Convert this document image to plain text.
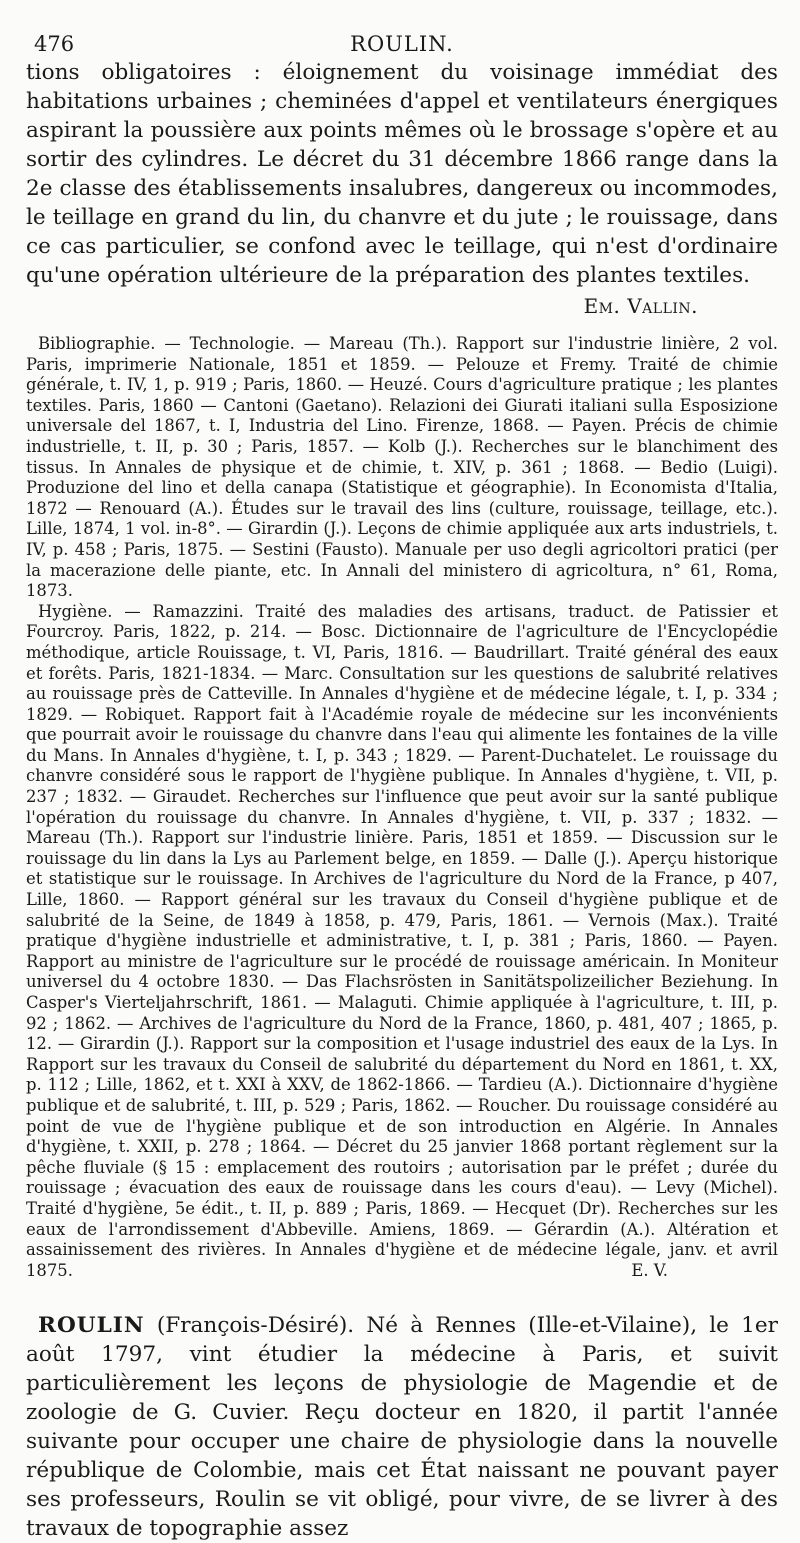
476	ROULIN.

tions obligatoires : éloignement du voisinage immédiat des habitations urbaines ; cheminées d'appel et ventilateurs énergiques aspirant la poussière aux points mêmes où le brossage s'opère et au sortir des cylindres. Le décret du 31 décembre 1866 range dans la 2e classe des établissements insalubres, dangereux ou incommodes, le teillage en grand du lin, du chanvre et du jute ; le rouissage, dans ce cas particulier, se confond avec le teillage, qui n'est d'ordinaire qu'une opération ultérieure de la préparation des plantes textiles.

Em. Vallin.

Bibliographie. — Technologie. — Mareau (Th.). Rapport sur l'industrie linière, 2 vol. Paris, imprimerie Nationale, 1851 et 1859. — Pelouze et Fremy. Traité de chimie générale, t. IV, 1, p. 919 ; Paris, 1860. — Heuzé. Cours d'agriculture pratique ; les plantes textiles. Paris, 1860 — Cantoni (Gaetano). Relazioni dei Giurati italiani sulla Esposizione universale del 1867, t. I, Industria del Lino. Firenze, 1868. — Payen. Précis de chimie industrielle, t. II, p. 30 ; Paris, 1857. — Kolb (J.). Recherches sur le blanchiment des tissus. In Annales de physique et de chimie, t. XIV, p. 361 ; 1868. — Bedio (Luigi). Produzione del lino et della canapa (Statistique et géographie). In Economista d'Italia, 1872 — Renouard (A.). Études sur le travail des lins (culture, rouissage, teillage, etc.). Lille, 1874, 1 vol. in-8°. — Girardin (J.). Leçons de chimie appliquée aux arts industriels, t. IV, p. 458 ; Paris, 1875. — Sestini (Fausto). Manuale per uso degli agricoltori pratici (per la macerazione delle piante, etc. In Annali del ministero di agricoltura, n° 61, Roma, 1873.

Hygiène. — Ramazzini. Traité des maladies des artisans, traduct. de Patissier et Fourcroy. Paris, 1822, p. 214. — Bosc. Dictionnaire de l'agriculture de l'Encyclopédie méthodique, article Rouissage, t. VI, Paris, 1816. — Baudrillart. Traité général des eaux et forêts. Paris, 1821-1834. — Marc. Consultation sur les questions de salubrité relatives au rouissage près de Catteville. In Annales d'hygiène et de médecine légale, t. I, p. 334 ; 1829. — Robiquet. Rapport fait à l'Académie royale de médecine sur les inconvénients que pourrait avoir le rouissage du chanvre dans l'eau qui alimente les fontaines de la ville du Mans. In Annales d'hygiène, t. I, p. 343 ; 1829. — Parent-Duchatelet. Le rouissage du chanvre considéré sous le rapport de l'hygiène publique. In Annales d'hygiène, t. VII, p. 237 ; 1832. — Giraudet. Recherches sur l'influence que peut avoir sur la santé publique l'opération du rouissage du chanvre. In Annales d'hygiène, t. VII, p. 337 ; 1832. — Mareau (Th.). Rapport sur l'industrie linière. Paris, 1851 et 1859. — Discussion sur le rouissage du lin dans la Lys au Parlement belge, en 1859. — Dalle (J.). Aperçu historique et statistique sur le rouissage. In Archives de l'agriculture du Nord de la France, p 407, Lille, 1860. — Rapport général sur les travaux du Conseil d'hygiène publique et de salubrité de la Seine, de 1849 à 1858, p. 479, Paris, 1861. — Vernois (Max.). Traité pratique d'hygiène industrielle et administrative, t. I, p. 381 ; Paris, 1860. — Payen. Rapport au ministre de l'agriculture sur le procédé de rouissage américain. In Moniteur universel du 4 octobre 1830. — Das Flachsrösten in Sanitätspolizeilicher Beziehung. In Casper's Vierteljahrschrift, 1861. — Malaguti. Chimie appliquée à l'agriculture, t. III, p. 92 ; 1862. — Archives de l'agriculture du Nord de la France, 1860, p. 481, 407 ; 1865, p. 12. — Girardin (J.). Rapport sur la composition et l'usage industriel des eaux de la Lys. In Rapport sur les travaux du Conseil de salubrité du département du Nord en 1861, t. XX, p. 112 ; Lille, 1862, et t. XXI à XXV, de 1862-1866. — Tardieu (A.). Dictionnaire d'hygiène publique et de salubrité, t. III, p. 529 ; Paris, 1862. — Roucher. Du rouissage considéré au point de vue de l'hygiène publique et de son introduction en Algérie. In Annales d'hygiène, t. XXII, p. 278 ; 1864. — Décret du 25 janvier 1868 portant règlement sur la pêche fluviale (§ 15 : emplacement des routoirs ; autorisation par le préfet ; durée du rouissage ; évacuation des eaux de rouissage dans les cours d'eau). — Levy (Michel). Traité d'hygiène, 5e édit., t. II, p. 889 ; Paris, 1869. — Hecquet (Dr). Recherches sur les eaux de l'arrondissement d'Abbeville. Amiens, 1869. — Gérardin (A.). Altération et assainissement des rivières. In Annales d'hygiène et de médecine légale, janv. et avril 1875.	E. V.

ROULIN (François-Désiré). Né à Rennes (Ille-et-Vilaine), le 1er août 1797, vint étudier la médecine à Paris, et suivit particulièrement les leçons de physiologie de Magendie et de zoologie de G. Cuvier. Reçu docteur en 1820, il partit l'année suivante pour occuper une chaire de physiologie dans la nouvelle république de Colombie, mais cet État naissant ne pouvant payer ses professeurs, Roulin se vit obligé, pour vivre, de se livrer à des travaux de topographie assez
